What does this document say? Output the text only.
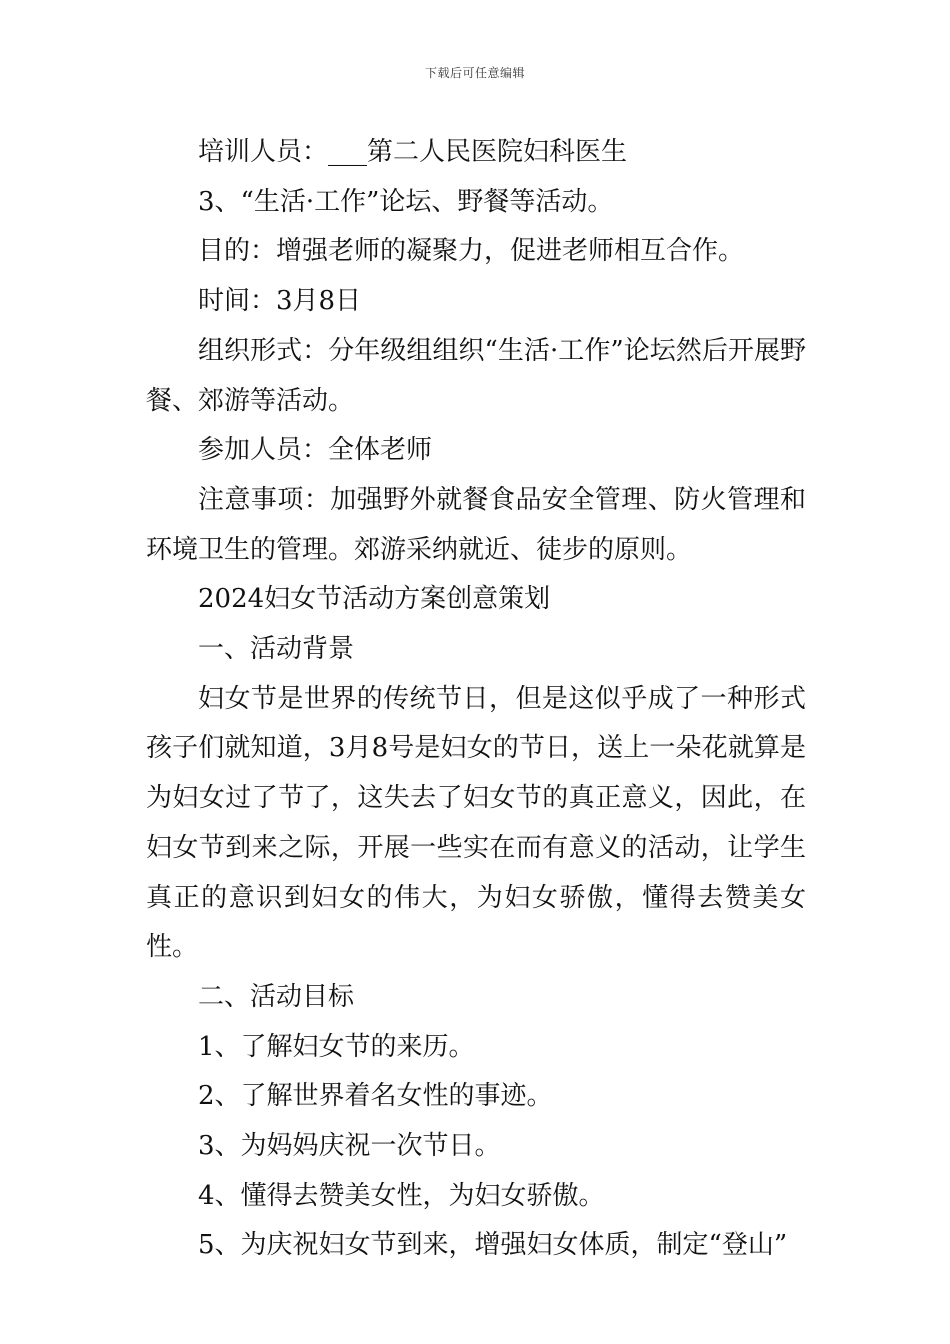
下载后可任意编辑

培训人员：___第二人民医院妇科医生

3、“生活·工作”论坛、野餐等活动。

目的：增强老师的凝聚力，促进老师相互合作。

时间：3月8日

组织形式：分年级组组织“生活·工作”论坛然后开展野餐、郊游等活动。

参加人员：全体老师

注意事项：加强野外就餐食品安全管理、防火管理和环境卫生的管理。郊游采纳就近、徒步的原则。

2024妇女节活动方案创意策划

一、活动背景

妇女节是世界的传统节日，但是这似乎成了一种形式孩子们就知道，3月8号是妇女的节日，送上一朵花就算是为妇女过了节了，这失去了妇女节的真正意义，因此，在妇女节到来之际，开展一些实在而有意义的活动，让学生真正的意识到妇女的伟大，为妇女骄傲，懂得去赞美女性。

二、活动目标

1、了解妇女节的来历。

2、了解世界着名女性的事迹。

3、为妈妈庆祝一次节日。

4、懂得去赞美女性，为妇女骄傲。

5、为庆祝妇女节到来，增强妇女体质，制定“登山”
